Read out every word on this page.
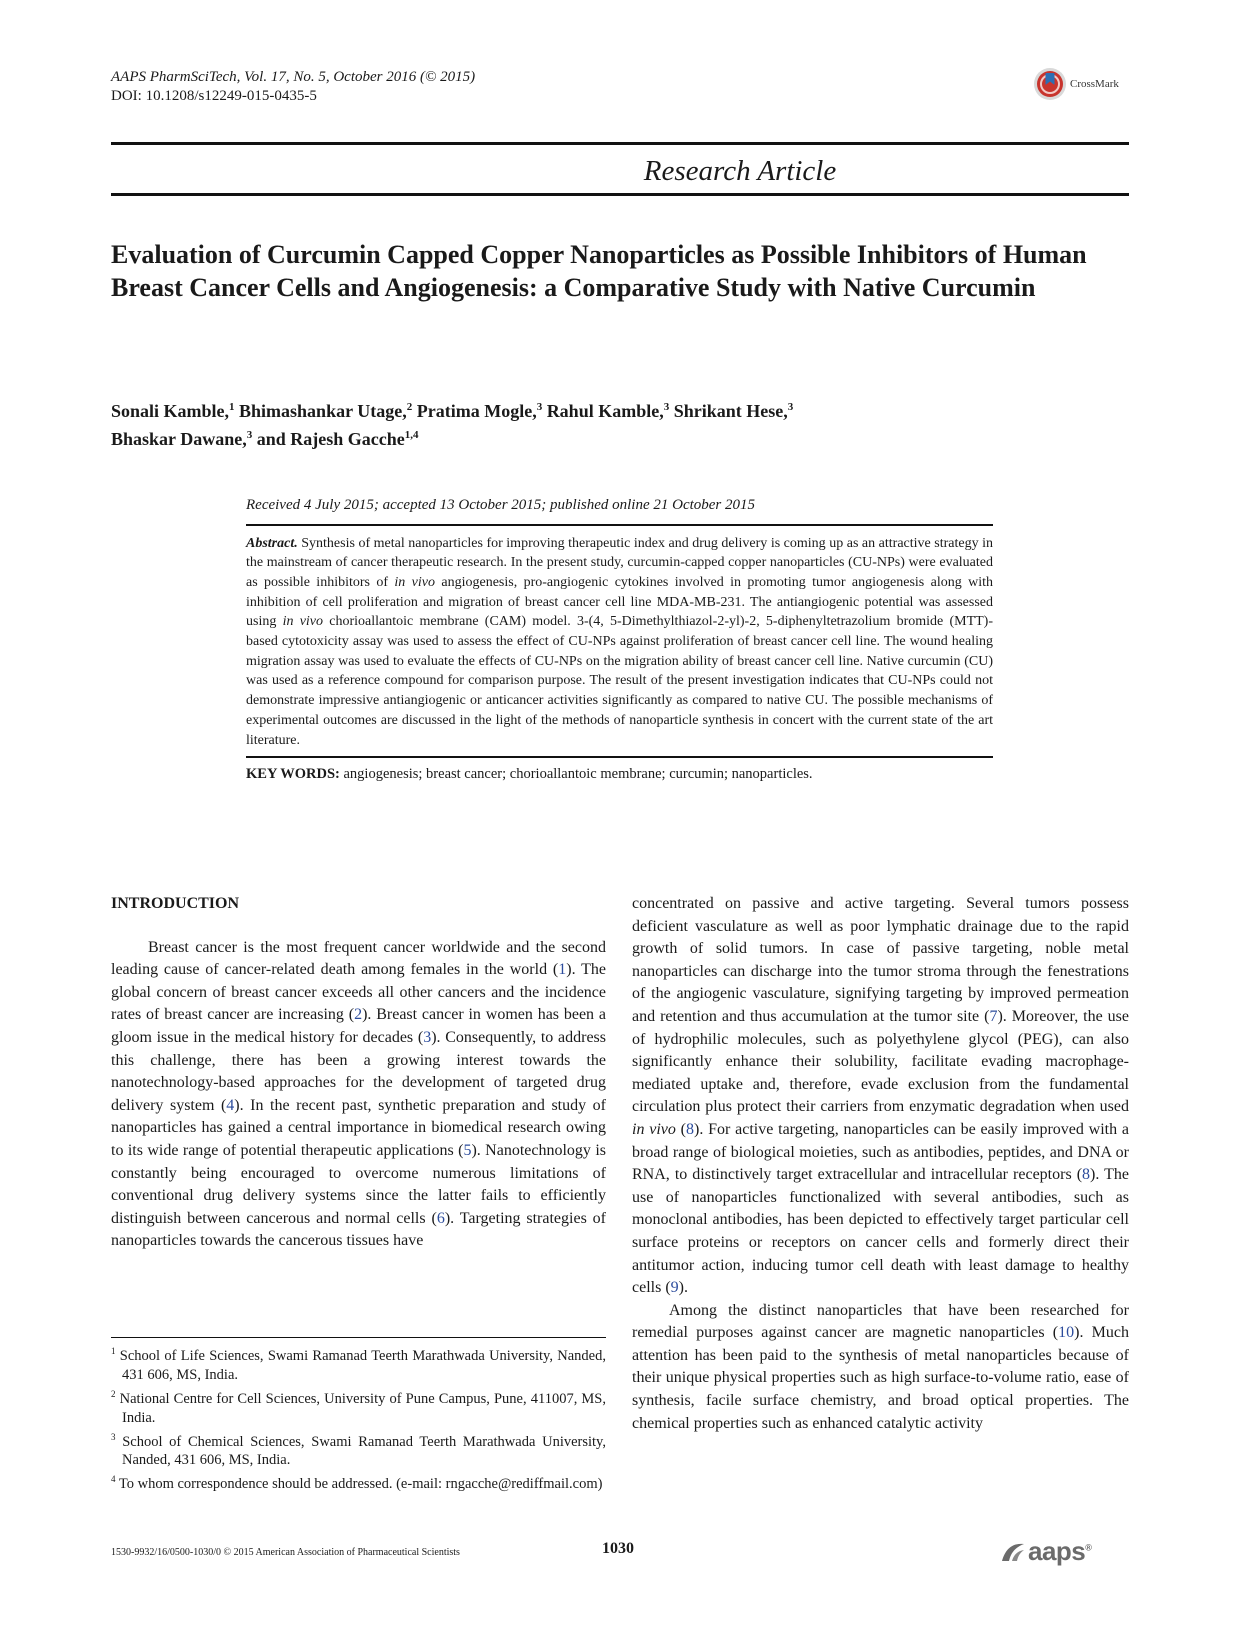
AAPS PharmSciTech, Vol. 17, No. 5, October 2016 (© 2015)
DOI: 10.1208/s12249-015-0435-5
CrossMark
Research Article
Evaluation of Curcumin Capped Copper Nanoparticles as Possible Inhibitors of Human Breast Cancer Cells and Angiogenesis: a Comparative Study with Native Curcumin
Sonali Kamble,$^1$ Bhimashankar Utage,$^2$ Pratima Mogle,$^3$ Rahul Kamble,$^3$ Shrikant Hese,$^3$
Bhaskar Dawane,$^3$ and Rajesh Gacche$^{1,4}$
Received 4 July 2015; accepted 13 October 2015; published online 21 October 2015

Abstract. Synthesis of metal nanoparticles for improving therapeutic index and drug delivery is coming up as an attractive strategy in the mainstream of cancer therapeutic research. In the present study, curcumin-capped copper nanoparticles (CU-NPs) were evaluated as possible inhibitors of in vivo angiogenesis, pro-angiogenic cytokines involved in promoting tumor angiogenesis along with inhibition of cell proliferation and migration of breast cancer cell line MDA-MB-231. The antiangiogenic potential was assessed using in vivo chorioallantoic membrane (CAM) model. 3-(4, 5-Dimethylthiazol-2-yl)-2, 5-diphenyltetrazolium bromide (MTT)-based cytotoxicity assay was used to assess the effect of CU-NPs against proliferation of breast cancer cell line. The wound healing migration assay was used to evaluate the effects of CU-NPs on the migration ability of breast cancer cell line. Native curcumin (CU) was used as a reference compound for comparison purpose. The result of the present investigation indicates that CU-NPs could not demonstrate impressive antiangiogenic or anticancer activities significantly as compared to native CU. The possible mechanisms of experimental outcomes are discussed in the light of the methods of nanoparticle synthesis in concert with the current state of the art literature.

KEY WORDS: angiogenesis; breast cancer; chorioallantoic membrane; curcumin; nanoparticles.

INTRODUCTION

Breast cancer is the most frequent cancer worldwide and the second leading cause of cancer-related death among females in the world (1). The global concern of breast cancer exceeds all other cancers and the incidence rates of breast cancer are increasing (2). Breast cancer in women has been a gloom issue in the medical history for decades (3). Consequently, to address this challenge, there has been a growing interest towards the nanotechnology-based approaches for the development of targeted drug delivery system (4). In the recent past, synthetic preparation and study of nanoparticles has gained a central importance in biomedical research owing to its wide range of potential therapeutic applications (5). Nanotechnology is constantly being encouraged to overcome numerous limitations of conventional drug delivery systems since the latter fails to efficiently distinguish between cancerous and normal cells (6). Targeting strategies of nanoparticles towards the cancerous tissues have

$^1$ School of Life Sciences, Swami Ramanad Teerth Marathwada University, Nanded, 431 606, MS, India.

$^2$ National Centre for Cell Sciences, University of Pune Campus, Pune, 411007, MS, India.

$^3$ School of Chemical Sciences, Swami Ramanad Teerth Marathwada University, Nanded, 431 606, MS, India.

$^4$ To whom correspondence should be addressed. (e-mail: rngacche@rediffmail.com)

concentrated on passive and active targeting. Several tumors possess deficient vasculature as well as poor lymphatic drainage due to the rapid growth of solid tumors. In case of passive targeting, noble metal nanoparticles can discharge into the tumor stroma through the fenestrations of the angiogenic vasculature, signifying targeting by improved permeation and retention and thus accumulation at the tumor site (7). Moreover, the use of hydrophilic molecules, such as polyethylene glycol (PEG), can also significantly enhance their solubility, facilitate evading macrophage-mediated uptake and, therefore, evade exclusion from the fundamental circulation plus protect their carriers from enzymatic degradation when used in vivo (8). For active targeting, nanoparticles can be easily improved with a broad range of biological moieties, such as antibodies, peptides, and DNA or RNA, to distinctively target extracellular and intracellular receptors (8). The use of nanoparticles functionalized with several antibodies, such as monoclonal antibodies, has been depicted to effectively target particular cell surface proteins or receptors on cancer cells and formerly direct their antitumor action, inducing tumor cell death with least damage to healthy cells (9).

Among the distinct nanoparticles that have been researched for remedial purposes against cancer are magnetic nanoparticles (10). Much attention has been paid to the synthesis of metal nanoparticles because of their unique physical properties such as high surface-to-volume ratio, ease of synthesis, facile surface chemistry, and broad optical properties. The chemical properties such as enhanced catalytic activity

1530-9932/16/0500-1030/0 © 2015 American Association of Pharmaceutical Scientists	1030	aaps®
